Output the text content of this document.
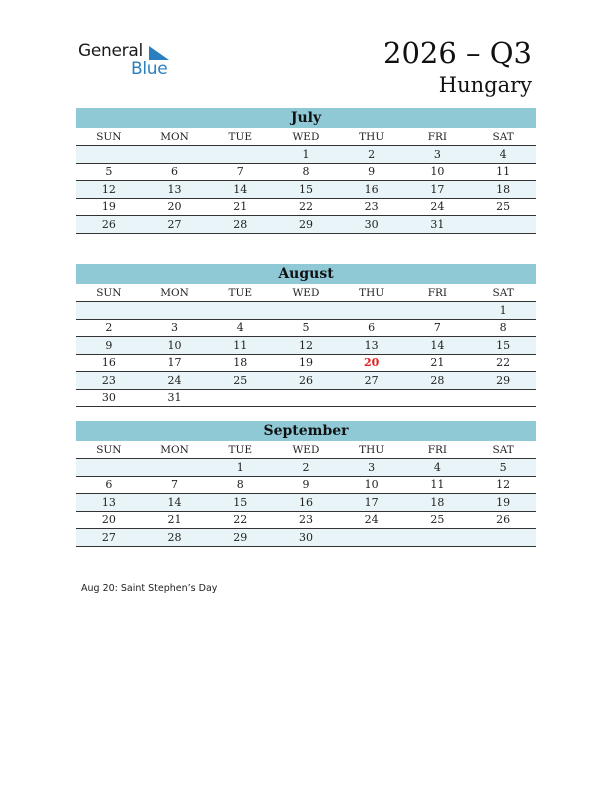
General
Blue	2026 – Q3
Hungary
July
SUN	MON	TUE	WED	THU	FRI	SAT
			1	2	3	4
5	6	7	8	9	10	11
12	13	14	15	16	17	18
19	20	21	22	23	24	25
26	27	28	29	30	31	
August
SUN	MON	TUE	WED	THU	FRI	SAT
						1
2	3	4	5	6	7	8
9	10	11	12	13	14	15
16	17	18	19	20	21	22
23	24	25	26	27	28	29
30	31					
September
SUN	MON	TUE	WED	THU	FRI	SAT
		1	2	3	4	5
6	7	8	9	10	11	12
13	14	15	16	17	18	19
20	21	22	23	24	25	26
27	28	29	30			
Aug 20: Saint Stephen’s Day
